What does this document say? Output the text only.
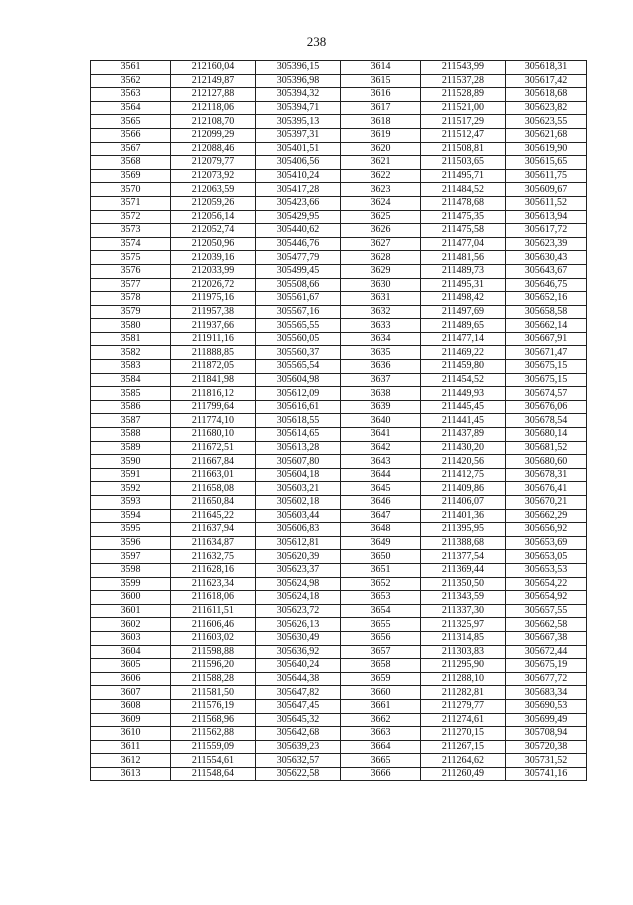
238
3561	212160,04	305396,15	3614	211543,99	305618,31
3562	212149,87	305396,98	3615	211537,28	305617,42
3563	212127,88	305394,32	3616	211528,89	305618,68
3564	212118,06	305394,71	3617	211521,00	305623,82
3565	212108,70	305395,13	3618	211517,29	305623,55
3566	212099,29	305397,31	3619	211512,47	305621,68
3567	212088,46	305401,51	3620	211508,81	305619,90
3568	212079,77	305406,56	3621	211503,65	305615,65
3569	212073,92	305410,24	3622	211495,71	305611,75
3570	212063,59	305417,28	3623	211484,52	305609,67
3571	212059,26	305423,66	3624	211478,68	305611,52
3572	212056,14	305429,95	3625	211475,35	305613,94
3573	212052,74	305440,62	3626	211475,58	305617,72
3574	212050,96	305446,76	3627	211477,04	305623,39
3575	212039,16	305477,79	3628	211481,56	305630,43
3576	212033,99	305499,45	3629	211489,73	305643,67
3577	212026,72	305508,66	3630	211495,31	305646,75
3578	211975,16	305561,67	3631	211498,42	305652,16
3579	211957,38	305567,16	3632	211497,69	305658,58
3580	211937,66	305565,55	3633	211489,65	305662,14
3581	211911,16	305560,05	3634	211477,14	305667,91
3582	211888,85	305560,37	3635	211469,22	305671,47
3583	211872,05	305565,54	3636	211459,80	305675,15
3584	211841,98	305604,98	3637	211454,52	305675,15
3585	211816,12	305612,09	3638	211449,93	305674,57
3586	211799,64	305616,61	3639	211445,45	305676,06
3587	211774,10	305618,55	3640	211441,45	305678,54
3588	211680,10	305614,65	3641	211437,89	305680,14
3589	211672,51	305613,28	3642	211430,20	305681,52
3590	211667,84	305607,80	3643	211420,56	305680,60
3591	211663,01	305604,18	3644	211412,75	305678,31
3592	211658,08	305603,21	3645	211409,86	305676,41
3593	211650,84	305602,18	3646	211406,07	305670,21
3594	211645,22	305603,44	3647	211401,36	305662,29
3595	211637,94	305606,83	3648	211395,95	305656,92
3596	211634,87	305612,81	3649	211388,68	305653,69
3597	211632,75	305620,39	3650	211377,54	305653,05
3598	211628,16	305623,37	3651	211369,44	305653,53
3599	211623,34	305624,98	3652	211350,50	305654,22
3600	211618,06	305624,18	3653	211343,59	305654,92
3601	211611,51	305623,72	3654	211337,30	305657,55
3602	211606,46	305626,13	3655	211325,97	305662,58
3603	211603,02	305630,49	3656	211314,85	305667,38
3604	211598,88	305636,92	3657	211303,83	305672,44
3605	211596,20	305640,24	3658	211295,90	305675,19
3606	211588,28	305644,38	3659	211288,10	305677,72
3607	211581,50	305647,82	3660	211282,81	305683,34
3608	211576,19	305647,45	3661	211279,77	305690,53
3609	211568,96	305645,32	3662	211274,61	305699,49
3610	211562,88	305642,68	3663	211270,15	305708,94
3611	211559,09	305639,23	3664	211267,15	305720,38
3612	211554,61	305632,57	3665	211264,62	305731,52
3613	211548,64	305622,58	3666	211260,49	305741,16
